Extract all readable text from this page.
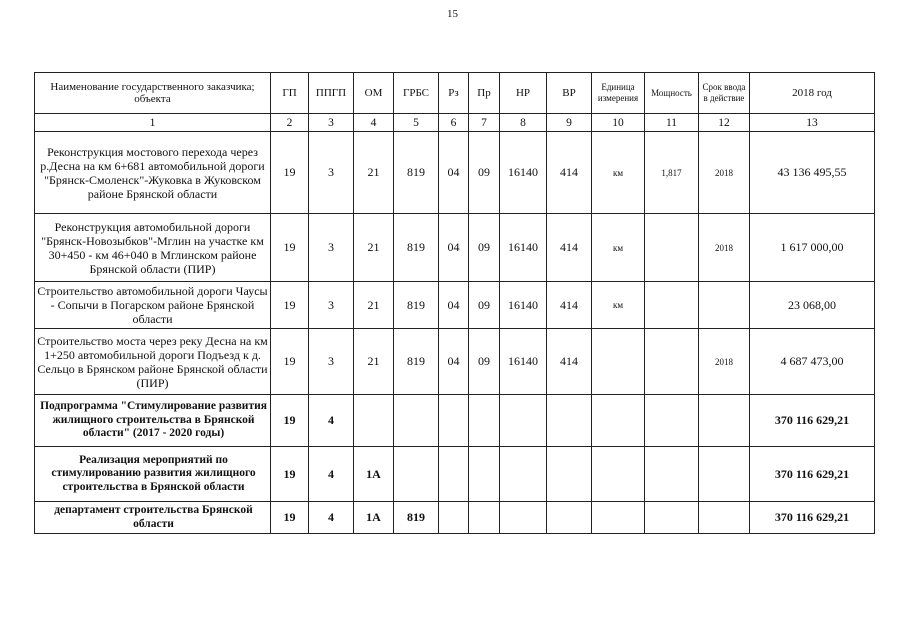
15
Наименование государственного заказчика; объекта	ГП	ППГП	ОМ	ГРБС	Рз	Пр	НР	ВР	Единица измерения	Мощность	Срок ввода в действие	2018 год
1	2	3	4	5	6	7	8	9	10	11	12	13
Реконструкция мостового перехода через р.Десна на км 6+681 автомобильной дороги "Брянск-Смоленск"-Жуковка в Жуковском районе Брянской области	19	3	21	819	04	09	16140	414	км	1,817	2018	43 136 495,55
Реконструкция автомобильной дороги "Брянск-Новозыбков"-Мглин на участке км 30+450 - км 46+040 в Мглинском районе Брянской области (ПИР)	19	3	21	819	04	09	16140	414	км		2018	1 617 000,00
Строительство автомобильной дороги Чаусы - Сопычи в Погарском районе Брянской области	19	3	21	819	04	09	16140	414	км			23 068,00
Строительство моста через реку Десна на км 1+250 автомобильной дороги Подъезд к д. Сельцо в Брянском районе Брянской области (ПИР)	19	3	21	819	04	09	16140	414			2018	4 687 473,00
Подпрограмма "Стимулирование развития жилищного строительства в Брянской области" (2017 - 2020 годы)	19	4										370 116 629,21
Реализация мероприятий по стимулированию развития жилищного строительства в Брянской области	19	4	1А									370 116 629,21
департамент строительства Брянской области	19	4	1А	819								370 116 629,21
